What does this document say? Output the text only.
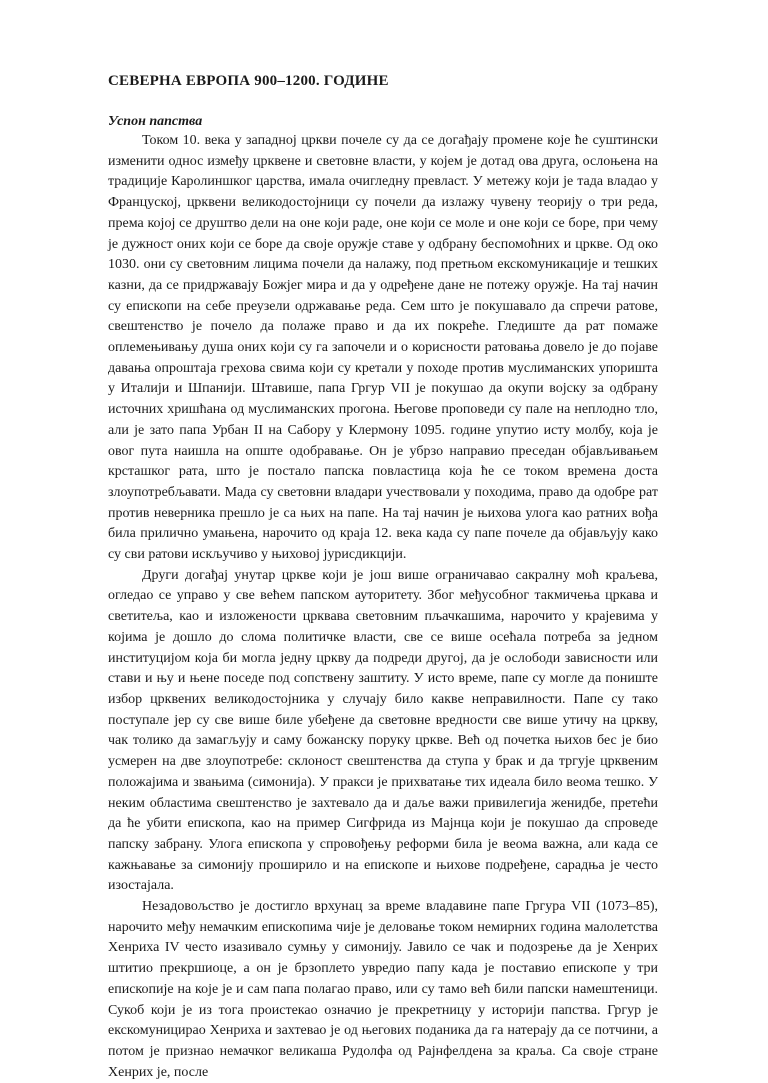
СЕВЕРНА ЕВРОПА 900–1200. ГОДИНЕ
Успон папства

Током 10. века у западној цркви почеле су да се догађају промене које ће суштински изменити однос између црквене и световне власти, у којем је дотад ова друга, ослоњена на традиције Каролиншког царства, имала очигледну превласт. У метежу који је тада владао у Француској, црквени великодостојници су почели да излажу чувену теорију о три реда, према којој се друштво дели на оне који раде, оне који се моле и оне који се боре, при чему је дужност оних који се боре да своје оружје ставе у одбрану беспомоћних и цркве. Од око 1030. они су световним лицима почели да налажу, под претњом екскомуникације и тешких казни, да се придржавају Божјег мира и да у одређене дане не потежу оружје. На тај начин су епископи на себе преузели одржавање реда. Сем што је покушавало да спречи ратове, свештенство је почело да полаже право и да их покреће. Гледиште да рат помаже оплемењивању душа оних који су га започели и о корисности ратовања довело је до појаве давања опроштаја грехова свима који су кретали у походе против муслиманских упоришта у Италији и Шпанији. Штавише, папа Гргур VII је покушао да окупи војску за одбрану источних хришћана од муслиманских прогона. Његове проповеди су пале на неплодно тло, али је зато папа Урбан II на Сабору у Клермону 1095. године упутио исту молбу, која је овог пута наишла на опште одобравање. Он је убрзо направио преседан објављивањем крсташког рата, што је постало папска повластица која ће се током времена доста злоупотребљавати. Мада су световни владари учествовали у походима, право да одобре рат против неверника прешло је са њих на папе. На тај начин је њихова улога као ратних вођа била прилично умањена, нарочито од краја 12. века када су папе почеле да објављују како су сви ратови искључиво у њиховој јурисдикцији.

Други догађај унутар цркве који је још више ограничавао сакралну моћ краљева, огледао се управо у све већем папском ауторитету. Због међусобног такмичења цркава и светитеља, као и изложености црквава световним пљачкашима, нарочито у крајевима у којима је дошло до слома политичке власти, све се више осећала потреба за једном институцијом која би могла једну цркву да подреди другој, да је ослободи зависности или стави и њу и њене поседе под сопствену заштиту. У исто време, папе су могле да пониште избор црквених великодостојника у случају било какве неправилности. Папе су тако поступале јер су све више биле убеђене да световне вредности све више утичу на цркву, чак толико да замагљују и саму божанску поруку цркве. Већ од почетка њихов бес је био усмерен на две злоупотребе: склоност свештенства да ступа у брак и да тргује црквеним положајима и звањима (симонија). У пракси је прихватање тих идеала било веома тешко. У неким областима свештенство је захтевало да и даље важи привилегија женидбе, претећи да ће убити епископа, као на пример Сигфрида из Мајнца који је покушао да спроведе папску забрану. Улога епископа у спровођењу реформи била је веома важна, али када се кажњавање за симонију проширило и на епископе и њихове подређене, сарадња је често изостајала.

Незадовољство је достигло врхунац за време владавине папе Гргура VII (1073–85), нарочито међу немачким епископима чије је деловање током немирних година малолетства Хенриха IV често изазивало сумњу у симонију. Јавило се чак и подозрење да је Хенрих штитио прекршиоце, а он је брзоплето увредио папу када је поставио епископе у три епископије на које је и сам папа полагао право, или су тамо већ били папски намештеници. Сукоб који је из тога проистекао означио је прекретницу у историји папства. Гргур је екскомуницирао Хенриха и захтевао је од његових поданика да га натерају да се потчини, а потом је признао немачког великаша Рудолфа од Рајнфелдена за краља. Са своје стране Хенрих је, после
